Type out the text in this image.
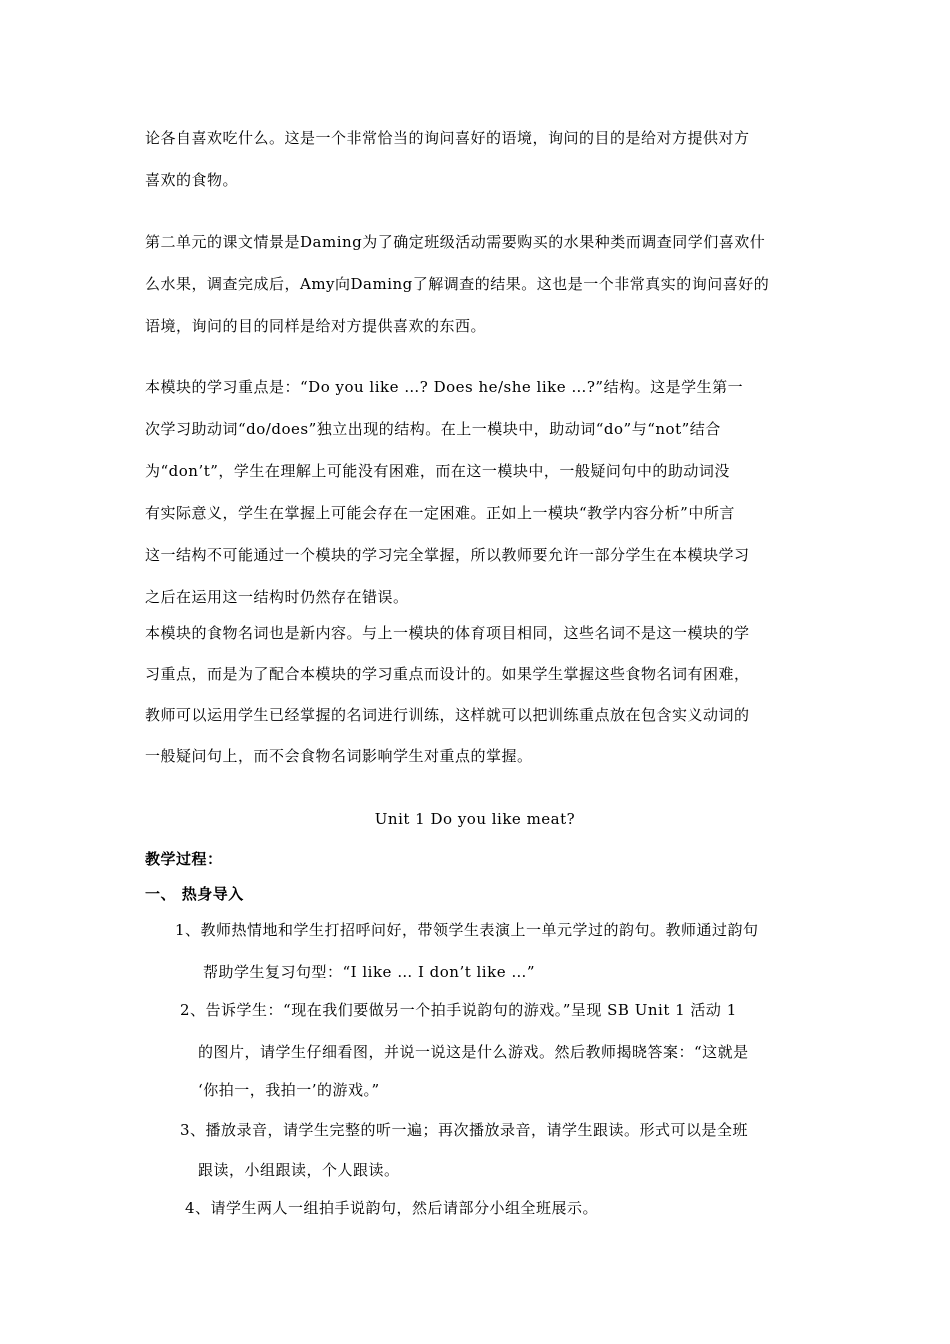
论各自喜欢吃什么。这是一个非常恰当的询问喜好的语境，询问的目的是给对方提供对方
喜欢的食物。
第二单元的课文情景是Daming为了确定班级活动需要购买的水果种类而调查同学们喜欢什
么水果，调查完成后，Amy向Daming了解调查的结果。这也是一个非常真实的询问喜好的
语境，询问的目的同样是给对方提供喜欢的东西。
本模块的学习重点是：“Do you like …? Does he/she like …?”结构。这是学生第一
次学习助动词“do/does”独立出现的结构。在上一模块中，助动词“do”与“not”结合
为“don’t”，学生在理解上可能没有困难，而在这一模块中，一般疑问句中的助动词没
有实际意义，学生在掌握上可能会存在一定困难。正如上一模块“教学内容分析”中所言
这一结构不可能通过一个模块的学习完全掌握，所以教师要允许一部分学生在本模块学习
之后在运用这一结构时仍然存在错误。
本模块的食物名词也是新内容。与上一模块的体育项目相同，这些名词不是这一模块的学
习重点，而是为了配合本模块的学习重点而设计的。如果学生掌握这些食物名词有困难，
教师可以运用学生已经掌握的名词进行训练，这样就可以把训练重点放在包含实义动词的
一般疑问句上，而不会食物名词影响学生对重点的掌握。
Unit 1 Do you like meat?
教学过程：
一、 热身导入
1、教师热情地和学生打招呼问好，带领学生表演上一单元学过的韵句。教师通过韵句
帮助学生复习句型：“I like … I don’t like …”
2、告诉学生：“现在我们要做另一个拍手说韵句的游戏。”呈现 SB Unit 1 活动 1
的图片，请学生仔细看图，并说一说这是什么游戏。然后教师揭晓答案：“这就是
‘你拍一，我拍一’的游戏。”
3、播放录音，请学生完整的听一遍；再次播放录音，请学生跟读。形式可以是全班
跟读，小组跟读，个人跟读。
4、请学生两人一组拍手说韵句，然后请部分小组全班展示。
